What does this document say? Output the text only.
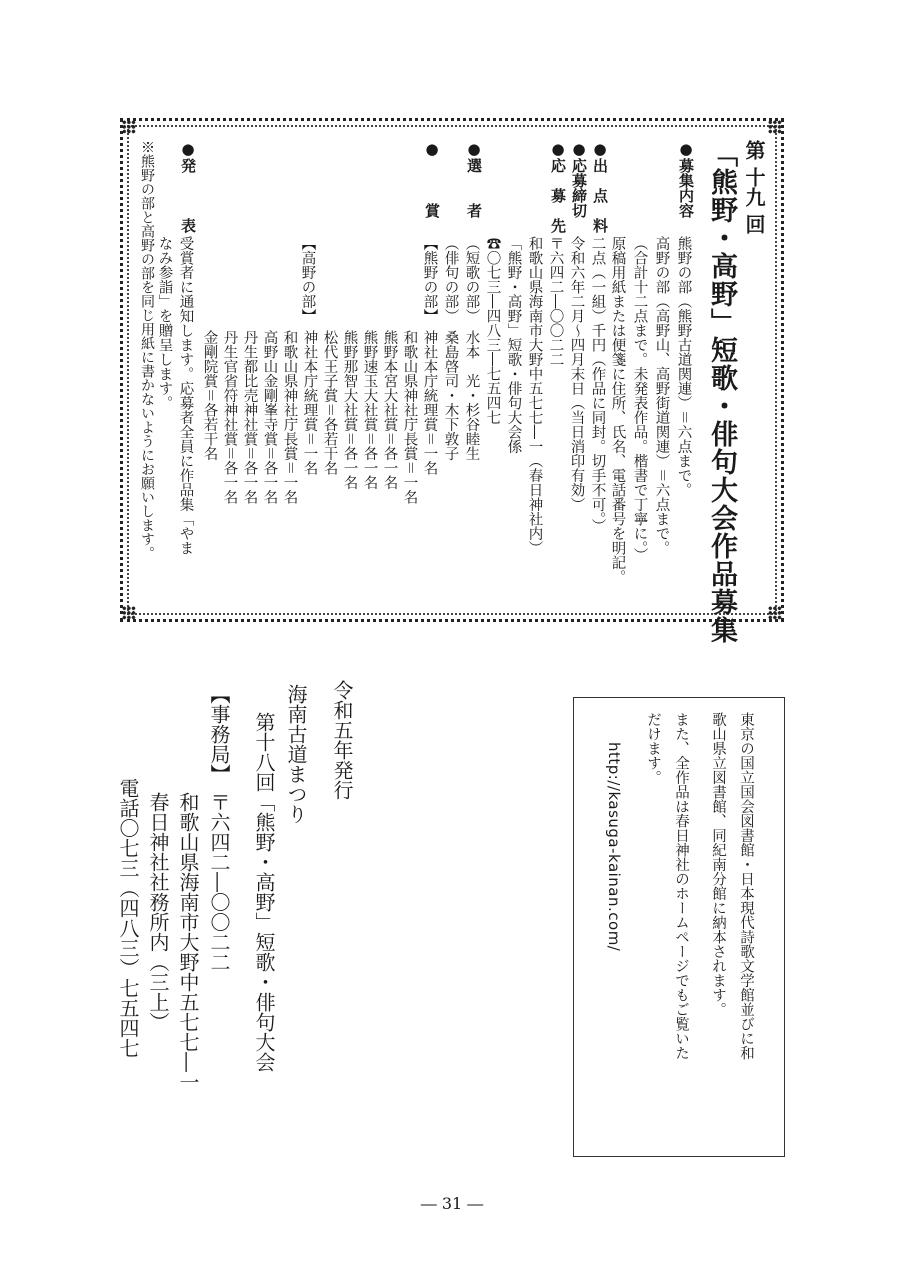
第 十九 回
「熊野・高野」短歌・俳句大会作品募集
●募集内容
熊野の部（熊野古道関連）＝六点まで。
高野の部（高野山、高野街道関連）＝六点まで。
（合計十二点まで。未発表作品。楷書で丁寧に。）
原稿用紙または便箋に住所、氏名、電話番号を明記。
●出　点　料
二点（一組）千円（作品に同封。切手不可。）
●応募締切
令和六年二月～四月末日（当日消印有効）
●応　募　先
〒六四二―〇〇二二
和歌山県海南市大野中五七七―一（春日神社内）
「熊野・高野」短歌・俳句大会係
☎〇七三―四八三―七五四七
●選　　者
（短歌の部）　水本　光・杉谷睦生
（俳句の部）　桑島啓司・木下敦子
●　　　賞
【熊野の部】
神社本庁統理賞＝一名
和歌山県神社庁長賞＝一名
熊野本宮大社賞＝各一名
熊野速玉大社賞＝各一名
熊野那智大社賞＝各一名
松代王子賞＝各若干名
【高野の部】
神社本庁統理賞＝一名
和歌山県神社庁長賞＝一名
高野山金剛峯寺賞＝各一名
丹生都比売神社賞＝各一名
丹生官省符神社賞＝各一名
金剛院賞＝各若干名
●発　　　表
受賞者に通知します。応募者全員に作品集「やま
なみ参詣」を贈呈します。
※熊野の部と高野の部を同じ用紙に書かないようにお願いします。
東京の国立国会図書館・日本現代詩歌文学館並びに和
歌山県立図書館、同紀南分館に納本されます。
また、全作品は春日神社のホームページでもご覧いた
だけます。
http://kasuga-kainan.com/
令和五年発行
海南古道まつり
第十八回「熊野・高野」短歌・俳句大会
【事務局】
〒六四二―〇〇二二
和歌山県海南市大野中五七七―一
春日神社社務所内（三上）
電話〇七三（四八三）七五四七
― 31 ―
